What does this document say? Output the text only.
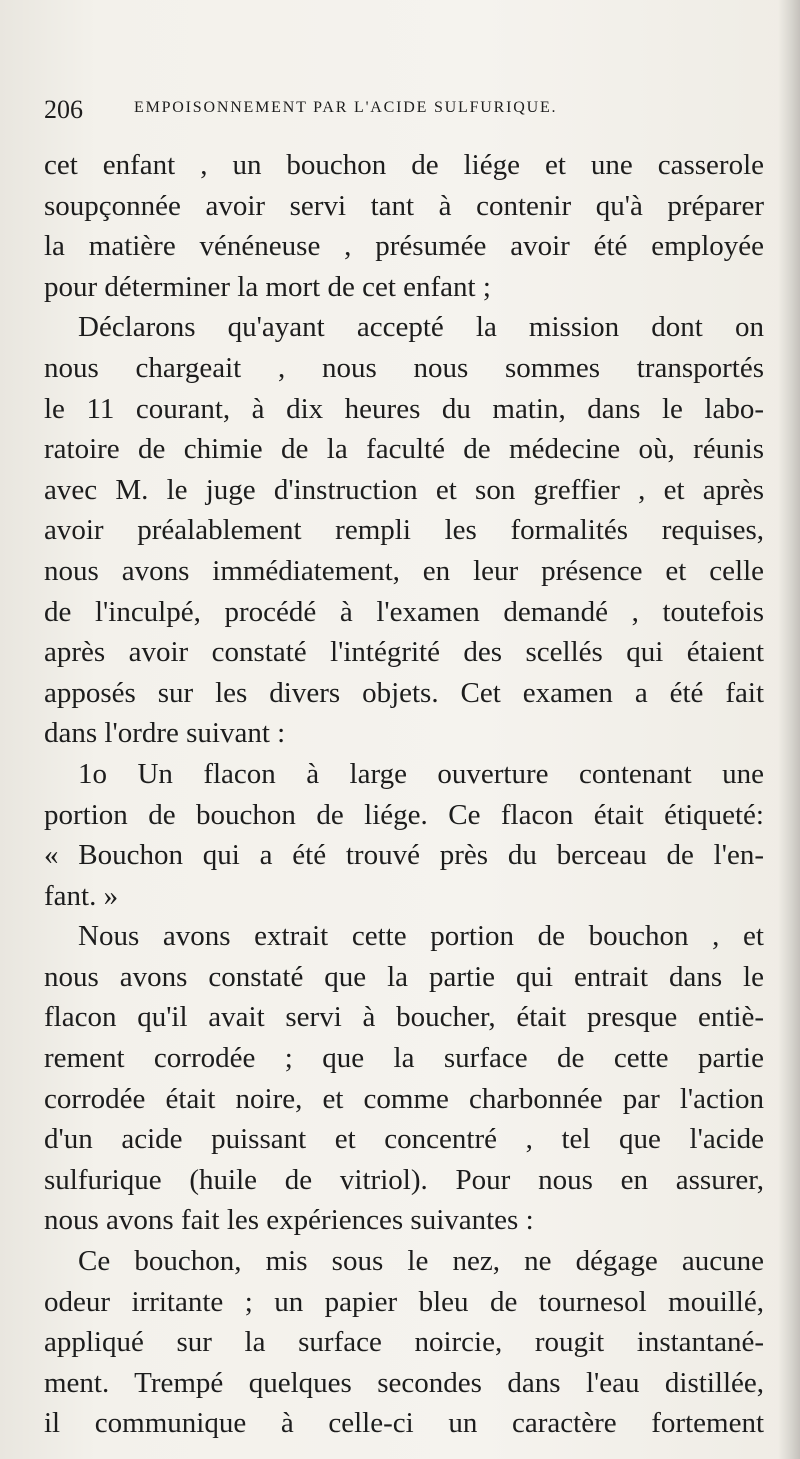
206	EMPOISONNEMENT PAR L'ACIDE SULFURIQUE.
cet enfant , un bouchon de liége et une casserole
soupçonnée avoir servi tant à contenir qu'à préparer
la matière vénéneuse , présumée avoir été employée
pour déterminer la mort de cet enfant ;
Déclarons qu'ayant accepté la mission dont on
nous chargeait , nous nous sommes transportés
le 11 courant, à dix heures du matin, dans le labo-
ratoire de chimie de la faculté de médecine où, réunis
avec M. le juge d'instruction et son greffier , et après
avoir préalablement rempli les formalités requises,
nous avons immédiatement, en leur présence et celle
de l'inculpé, procédé à l'examen demandé , toutefois
après avoir constaté l'intégrité des scellés qui étaient
apposés sur les divers objets. Cet examen a été fait
dans l'ordre suivant :
1o Un flacon à large ouverture contenant une
portion de bouchon de liége. Ce flacon était étiqueté:
« Bouchon qui a été trouvé près du berceau de l'en-
fant. »
Nous avons extrait cette portion de bouchon , et
nous avons constaté que la partie qui entrait dans le
flacon qu'il avait servi à boucher, était presque entiè-
rement corrodée ; que la surface de cette partie
corrodée était noire, et comme charbonnée par l'action
d'un acide puissant et concentré , tel que l'acide
sulfurique (huile de vitriol). Pour nous en assurer,
nous avons fait les expériences suivantes :
Ce bouchon, mis sous le nez, ne dégage aucune
odeur irritante ; un papier bleu de tournesol mouillé,
appliqué sur la surface noircie, rougit instantané-
ment. Trempé quelques secondes dans l'eau distillée,
il communique à celle-ci un caractère fortement
